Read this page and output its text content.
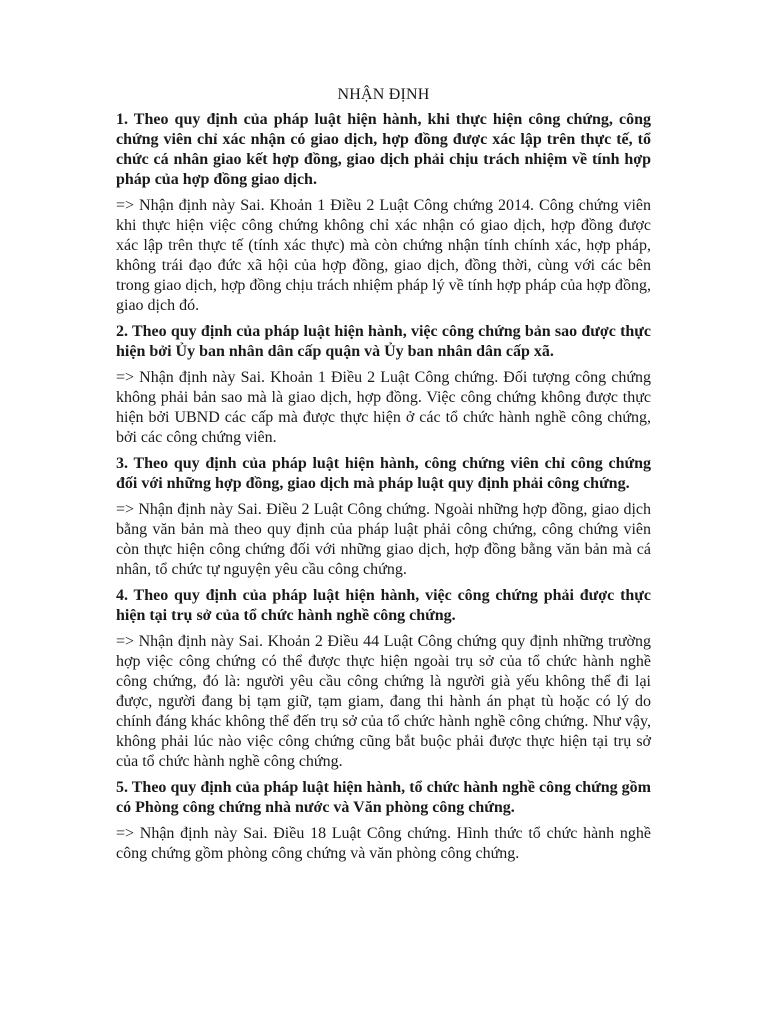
NHẬN ĐỊNH

1. Theo quy định của pháp luật hiện hành, khi thực hiện công chứng, công chứng viên chỉ xác nhận có giao dịch, hợp đồng được xác lập trên thực tế, tổ chức cá nhân giao kết hợp đồng, giao dịch phải chịu trách nhiệm về tính hợp pháp của hợp đồng giao dịch.

=> Nhận định này Sai. Khoản 1 Điều 2 Luật Công chứng 2014. Công chứng viên khi thực hiện việc công chứng không chỉ xác nhận có giao dịch, hợp đồng được xác lập trên thực tế (tính xác thực) mà còn chứng nhận tính chính xác, hợp pháp, không trái đạo đức xã hội của hợp đồng, giao dịch, đồng thời, cùng với các bên trong giao dịch, hợp đồng chịu trách nhiệm pháp lý về tính hợp pháp của hợp đồng, giao dịch đó.

2. Theo quy định của pháp luật hiện hành, việc công chứng bản sao được thực hiện bởi Ủy ban nhân dân cấp quận và Ủy ban nhân dân cấp xã.

=> Nhận định này Sai. Khoản 1 Điều 2 Luật Công chứng. Đối tượng công chứng không phải bản sao mà là giao dịch, hợp đồng. Việc công chứng không được thực hiện bởi UBND các cấp mà được thực hiện ở các tổ chức hành nghề công chứng, bởi các công chứng viên.

3. Theo quy định của pháp luật hiện hành, công chứng viên chỉ công chứng đối với những hợp đồng, giao dịch mà pháp luật quy định phải công chứng.

=> Nhận định này Sai. Điều 2 Luật Công chứng. Ngoài những hợp đồng, giao dịch bằng văn bản mà theo quy định của pháp luật phải công chứng, công chứng viên còn thực hiện công chứng đối với những giao dịch, hợp đồng bằng văn bản mà cá nhân, tổ chức tự nguyện yêu cầu công chứng.

4. Theo quy định của pháp luật hiện hành, việc công chứng phải được thực hiện tại trụ sở của tổ chức hành nghề công chứng.

=> Nhận định này Sai. Khoản 2 Điều 44 Luật Công chứng quy định những trường hợp việc công chứng có thể được thực hiện ngoài trụ sở của tổ chức hành nghề công chứng, đó là: người yêu cầu công chứng là người già yếu không thể đi lại được, người đang bị tạm giữ, tạm giam, đang thi hành án phạt tù hoặc có lý do chính đáng khác không thể đến trụ sở của tổ chức hành nghề công chứng. Như vậy, không phải lúc nào việc công chứng cũng bắt buộc phải được thực hiện tại trụ sở của tổ chức hành nghề công chứng.

5. Theo quy định của pháp luật hiện hành, tổ chức hành nghề công chứng gồm có Phòng công chứng nhà nước và Văn phòng công chứng.

=> Nhận định này Sai. Điều 18 Luật Công chứng. Hình thức tổ chức hành nghề công chứng gồm phòng công chứng và văn phòng công chứng.
